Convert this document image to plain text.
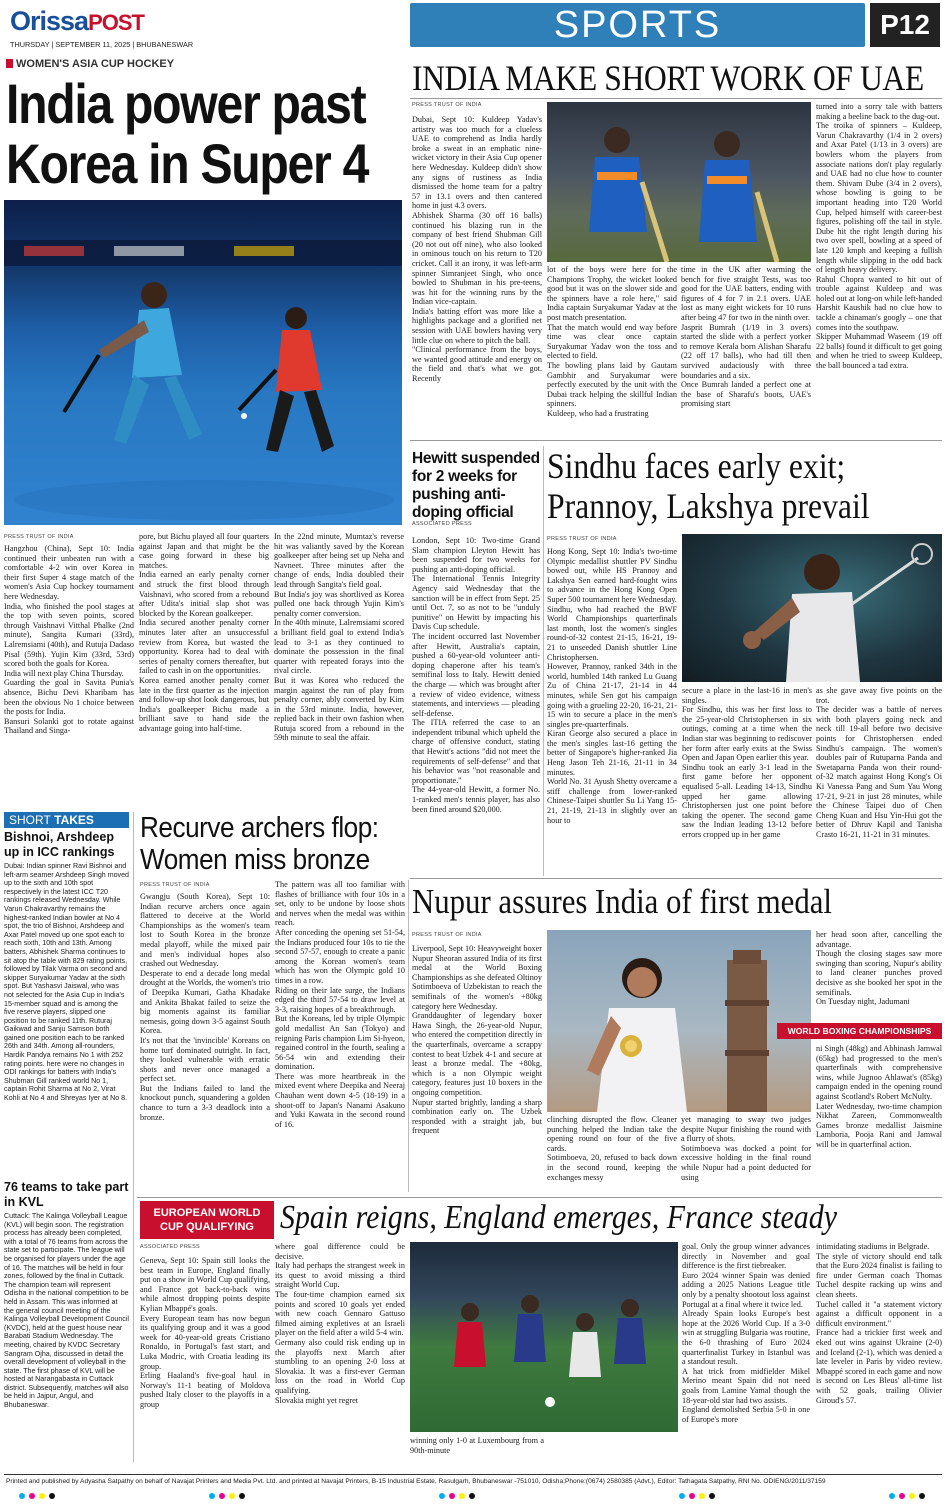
OrissaPOST
THURSDAY | SEPTEMBER 11, 2025 | BHUBANESWAR	SPORTS	P12
WOMEN'S ASIA CUP HOCKEY
India power past Korea in Super 4
PRESS TRUST OF INDIA
Hangzhou (China), Sept 10: India continued their unbeaten run with a comfortable 4-2 win over Korea in their first Super 4 stage match of the women's Asia Cup hockey tournament here Wednesday.
India, who finished the pool stages at the top with seven points, scored through Vaishnavi Vitthal Phalke (2nd minute), Sangita Kumari (33rd), Lalremsiami (40th), and Rutuja Dadaso Pisal (59th). Yujin Kim (33rd, 53rd) scored both the goals for Korea.
India will next play China Thursday.
Guarding the goal in Savita Punia's absence, Bichu Devi Kharibam has been the obvious No 1 choice between the posts for India.
Bansuri Solanki got to rotate against Thailand and Singa-
pore, but Bichu played all four quarters against Japan and that might be the case going forward in these big matches.
India earned an early penalty corner and struck the first blood through Vaishnavi, who scored from a rebound after Udita's initial slap shot was blocked by the Korean goalkeeper.
India secured another penalty corner minutes later after an unsuccessful review from Korea, but wasted the opportunity. Korea had to deal with series of penalty corners thereafter, but failed to cash in on the opportunities.
Korea earned another penalty corner late in the first quarter as the injection and follow-up shot look dangerous, but India's goalkeeper Bichu made a brilliant save to hand side the advantage going into half-time.
In the 22nd minute, Mumtaz's reverse hit was valiantly saved by the Korean goalkeeper after being set up Neha and Navneet. Three minutes after the change of ends, India doubled their lead through Sangita's field goal.
But India's joy was shortlived as Korea pulled one back through Yujin Kim's penalty corner conversion.
In the 40th minute, Lalremsiami scored a brilliant field goal to extend India's lead to 3-1 as they continued to dominate the possession in the final quarter with repeated forays into the rival circle.
But it was Korea who reduced the margin against the run of play from penalty corner, ably converted by Kim in the 53rd minute. India, however, replied back in their own fashion when Rutuja scored from a rebound in the 59th minute to seal the affair.
INDIA MAKE SHORT WORK OF UAE
PRESS TRUST OF INDIA
Dubai, Sept 10: Kuldeep Yadav's artistry was too much for a clueless UAE to comprehend as India hardly broke a sweat in an emphatic nine-wicket victory in their Asia Cup opener here Wednesday. Kuldeep didn't show any signs of rustiness as India dismissed the home team for a paltry 57 in 13.1 overs and then cantered home in just 4.3 overs.
Abhishek Sharma (30 off 16 balls) continued his blazing run in the company of best friend Shubman Gill (20 not out off nine), who also looked in ominous touch on his return to T20 cricket. Call it an irony, it was left-arm spinner Simranjeet Singh, who once bowled to Shubman in his pre-teens, was hit for the winning runs by the Indian vice-captain.
India's batting effort was more like a highlights package and a glorified net session with UAE bowlers having very little clue on where to pitch the ball.
"Clinical performance from the boys, we wanted good attitude and energy on the field and that's what we got. Recently
lot of the boys were here for the Champions Trophy, the wicket looked good but it was on the slower side and the spinners have a role here," said India captain Suryakumar Yadav at the post match presentation.
That the match would end way before time was clear once captain Suryakumar Yadav won the toss and elected to field.
The bowling plans laid by Gautam Gambhir and Suryakumar were perfectly executed by the unit with the Dubai track helping the skillful Indian spinners.
Kuldeep, who had a frustrating
time in the UK after warming the bench for five straight Tests, was too good for the UAE batters, ending with figures of 4 for 7 in 2.1 overs. UAE lost as many eight wickets for 10 runs after being 47 for two in the ninth over.
Jasprit Bumrah (1/19 in 3 overs) started the slide with a perfect yorker to remove Kerala born Alishan Sharafu (22 off 17 balls), who had till then survived audaciously with three boundaries and a six.
Once Bumrah landed a perfect one at the base of Sharafu's boots, UAE's promising start
turned into a sorry tale with batters making a beeline back to the dug-out.
The troika of spinners – Kuldeep, Varun Chakravarthy (1/4 in 2 overs) and Axar Patel (1/13 in 3 overs) are bowlers whom the players from associate nations don't play regularly and UAE had no clue how to counter them. Shivam Dube (3/4 in 2 overs), whose bowling is going to be important heading into T20 World Cup, helped himself with career-best figures, polishing off the tail in style. Dube hit the right length during his two over spell, bowling at a speed of late 120 kmph and keeping a fullish length while slipping in the odd back of length heavy delivery.
Rahul Chopra wanted to hit out of trouble against Kuldeep and was holed out at long-on while left-handed Harshit Kaushik had no clue how to tackle a chinaman's googly – one that comes into the southpaw.
Skipper Muhammad Waseem (19 off 22 balls) found it difficult to get going and when he tried to sweep Kuldeep, the ball bounced a tad extra.
Hewitt suspended for 2 weeks for pushing anti-doping official
ASSOCIATED PRESS
London, Sept 10: Two-time Grand Slam champion Lleyton Hewitt has been suspended for two weeks for pushing an anti-doping official.
The International Tennis Integrity Agency said Wednesday that the sanction will be in effect from Sept. 25 until Oct. 7, so as not to be "unduly punitive" on Hewitt by impacting his Davis Cup schedule.
The incident occurred last November after Hewitt, Australia's captain, pushed a 60-year-old volunteer anti-doping chaperone after his team's semifinal loss to Italy. Hewitt denied the charge — which was brought after a review of video evidence, witness statements, and interviews — pleading self-defense.
The ITIA referred the case to an independent tribunal which upheld the charge of offensive conduct, stating that Hewitt's actions "did not meet the requirements of self-defense" and that his behavior was "not reasonable and proportionate."
The 44-year-old Hewitt, a former No. 1-ranked men's tennis player, has also been fined around $20,000.
Sindhu faces early exit; Prannoy, Lakshya prevail
PRESS TRUST OF INDIA
Hong Kong, Sept 10: India's two-time Olympic medallist shuttler PV Sindhu bowed out, while HS Prannoy and Lakshya Sen earned hard-fought wins to advance in the Hong Kong Open Super 500 tournament here Wednesday.
Sindhu, who had reached the BWF World Championships quarterfinals last month, lost the women's singles round-of-32 contest 21-15, 16-21, 19-21 to unseeded Danish shuttler Line Christophersen.
However, Prannoy, ranked 34th in the world, humbled 14th ranked Lu Guang Zu of China 21-17, 21-14 in 44 minutes, while Sen got his campaign going with a grueling 22-20, 16-21, 21-15 win to secure a place in the men's singles pre-quarterfinals.
Kiran George also secured a place in the men's singles last-16 getting the better of Singapore's higher-ranked Jia Heng Jason Teh 21-16, 21-11 in 34 minutes.
World No. 31 Ayush Shetty overcame a stiff challenge from lower-ranked Chinese-Taipei shuttler Su Li Yang 15-21, 21-19, 21-13 in slightly over an hour to
secure a place in the last-16 in men's singles.
For Sindhu, this was her first loss to the 25-year-old Christophersen in six outings, coming at a time when the Indian star was beginning to rediscover her form after early exits at the Swiss Open and Japan Open earlier this year.
Sindhu took an early 3-1 lead in the first game before her opponent equalised 5-all. Leading 14-13, Sindhu upped her game allowing Christophersen just one point before taking the opener. The second game saw the Indian leading 13-12 before errors cropped up in her game
as she gave away five points on the trot.
The decider was a battle of nerves with both players going neck and neck till 19-all before two decisive points for Christophersen ended Sindhu's campaign. The women's doubles pair of Rutuparna Panda and Swetaparna Panda won their round-of-32 match against Hong Kong's Oi Ki Vanessa Pang and Sum Yau Wong 17-21, 9-21 in just 28 minutes, while the Chinese Taipei duo of Chen Cheng Kuan and Hsu Yin-Hui got the better of Dhruv Kapil and Tanisha Crasto 16-21, 11-21 in 31 minutes.
SHORT TAKES
Bishnoi, Arshdeep up in ICC rankings
Dubai: Indian spinner Ravi Bishnoi and left-arm seamer Arshdeep Singh moved up to the sixth and 10th spot respectively in the latest ICC T20 rankings released Wednesday. While Varun Chakravarthy remains the highest-ranked Indian bowler at No 4 spot, the trio of Bishnoi, Arshdeep and Axar Patel moved up one spot each to reach sixth, 10th and 13th. Among batters, Abhishek Sharma continues to sit atop the table with 829 rating points, followed by Tilak Varma on second and skipper Suryakumar Yadav at the sixth spot. But Yashasvi Jaiswal, who was not selected for the Asia Cup in India's 15-member squad and is among the five reserve players, slipped one position to be ranked 11th. Ruturaj Gaikwad and Sanju Samson both gained one position each to be ranked 26th and 34th. Among all-rounders, Hardik Pandya remains No 1 with 252 rating points. here were no changes in ODI rankings for batters with India's Shubman Gill ranked world No 1, captain Rohit Sharma at No 2, Virat Kohli at No 4 and Shreyas Iyer at No 8.
76 teams to take part in KVL
Cuttack: The Kalinga Volleyball League (KVL) will begin soon. The registration process has already been completed, with a total of 76 teams from across the state set to participate. The league will be organised for players under the age of 16. The matches will be held in four zones, followed by the final in Cuttack. The champion team will represent Odisha in the national competition to be held in Assam. This was informed at the general council meeting of the Kalinga Volleyball Development Council (KVDC), held at the guest house near Barabati Stadium Wednesday. The meeting, chaired by KVDC Secretary Sangram Ojha, discussed in detail the overall development of volleyball in the state. The first phase of KVL will be hosted at Narangabasta in Cuttack district. Subsequently, matches will also be held in Jajpur, Angul, and Bhubaneswar.
Recurve archers flop: Women miss bronze
PRESS TRUST OF INDIA
Gwangju (South Korea), Sept 10: Indian recurve archers once again flattered to deceive at the World Championships as the women's team lost to South Korea in the bronze medal playoff, while the mixed pair and men's individual hopes also crashed out Wednesday.
Desperate to end a decade long medal drought at the Worlds, the women's trio of Deepika Kumari, Gatha Khadake and Ankita Bhakat failed to seize the big moments against its familiar nemesis, going down 3-5 against South Korea.
It's not that the 'invincible' Koreans on home turf dominated outright. In fact, they looked vulnerable with erratic shots and never once managed a perfect set.
But the Indians failed to land the knockout punch, squandering a golden chance to turn a 3-3 deadlock into a bronze.
The pattern was all too familiar with flashes of brilliance with four 10s in a set, only to be undone by loose shots and nerves when the medal was within reach.
After conceding the opening set 51-54, the Indians produced four 10s to tie the second 57-57, enough to create a panic among the Korean women's team which has won the Olympic gold 10 times in a row.
Riding on their late surge, the Indians edged the third 57-54 to draw level at 3-3, raising hopes of a breakthrough.
But the Koreans, led by triple Olympic gold medallist An San (Tokyo) and reigning Paris champion Lim Si-hyeon, regained control in the fourth, sealing a 56-54 win and extending their domination.
There was more heartbreak in the mixed event where Deepika and Neeraj Chauhan went down 4-5 (18-19) in a shoot-off to Japan's Nanami Asakuno and Yuki Kawata in the second round of 16.
Nupur assures India of first medal
PRESS TRUST OF INDIA
Liverpool, Sept 10: Heavyweight boxer Nupur Sheoran assured India of its first medal at the World Boxing Championships as she defeated Oltinoy Sotimboeva of Uzbekistan to reach the semifinals of the women's +80kg category here Wednesday.
Granddaughter of legendary boxer Hawa Singh, the 26-year-old Nupur, who entered the competition directly in the quarterfinals, overcame a scrappy contest to beat Uzbek 4-1 and secure at least a bronze medal. The +80kg, which is a non Olympic weight category, features just 10 boxers in the ongoing competition.
Nupur started brightly, landing a sharp combination early on. The Uzbek responded with a straight jab, but frequent
clinching disrupted the flow. Cleaner punching helped the Indian take the opening round on four of the five cards.
Sotimboeva, 20, refused to back down in the second round, keeping the exchanges messy
yet managing to sway two judges despite Nupur finishing the round with a flurry of shots.
Sotimboeva was docked a point for excessive holding in the final round while Nupur had a point deducted for using
her head soon after, cancelling the advantage.
Though the closing stages saw more swinging than scoring, Nupur's ability to land cleaner punches proved decisive as she booked her spot in the semifinals.
On Tuesday night, Jadumani
WORLD BOXING CHAMPIONSHIPS
ni Singh (48kg) and Abhinash Jamwal (65kg) had progressed to the men's quarterfinals with comprehensive wins, while Jugnoo Ahlawat's (85kg) campaign ended in the opening round against Scotland's Robert McNulty.
Later Wednesday, two-time champion Nikhat Zareen, Commonwealth Games bronze medallist Jaismine Lamboria, Pooja Rani and Jamwal will be in quarterfinal action.
EUROPEAN WORLD CUP QUALIFYING Spain reigns, England emerges, France steady
ASSOCIATED PRESS
Geneva, Sept 10: Spain still looks the best team in Europe, England finally put on a show in World Cup qualifying, and France got back-to-back wins while almost dropping points despite Kylian Mbappé's goals.
Every European team has now begun its qualifying group and it was a good week for 40-year-old greats Cristiano Ronaldo, in Portugal's fast start, and Luka Modric, with Croatia leading its group.
Erling Haaland's five-goal haul in Norway's 11-1 beating of Moldova pushed Italy closer to the playoffs in a group
where goal difference could be decisive.
Italy had perhaps the strangest week in its quest to avoid missing a third straight World Cup.
The four-time champion earned six points and scored 10 goals yet ended with new coach Gennaro Gattuso filmed aiming expletives at an Israeli player on the field after a wild 5-4 win.
Germany also could risk ending up in the playoffs next March after stumbling to an opening 2-0 loss at Slovakia. It was a first-ever German loss on the road in World Cup qualifying.
Slovakia might yet regret
winning only 1-0 at Luxembourg from a 90th-minute
goal. Only the group winner advances directly in November and goal difference is the first tiebreaker.
Euro 2024 winner Spain was denied adding a 2025 Nations League title only by a penalty shootout loss against Portugal at a final where it twice led.
Already Spain looks Europe's best hope at the 2026 World Cup. If a 3-0 win at struggling Bulgaria was routine, the 6-0 thrashing of Euro 2024 quarterfinalist Turkey in Istanbul was a standout result.
A hat trick from midfielder Mikel Merino meant Spain did not need goals from Lamine Yamal though the 18-year-old star had two assists.
England demolished Serbia 5-0 in one of Europe's more
intimidating stadiums in Belgrade.
The style of victory should end talk that the Euro 2024 finalist is failing to fire under German coach Thomas Tuchel despite racking up wins and clean sheets.
Tuchel called it "a statement victory against a difficult opponent in a difficult environment."
France had a trickier first week and eked out wins against Ukraine (2-0) and Iceland (2-1), which was denied a late leveler in Paris by video review. Mbappé scored in each game and now is second on Les Bleus' all-time list with 52 goals, trailing Olivier Giroud's 57.
Printed and published by Adyasha Satpathy on behalf of Navajat Printers and Media Pvt. Ltd. and printed at Navajat Printers, B-15 Industrial Estate, Rasulgarh, Bhubaneswar -751010, Odisha;Phone:(0674) 2580385 (Advt.), Editor: Tathagata Satpathy, RNI No. ODIENG/2011/37159
